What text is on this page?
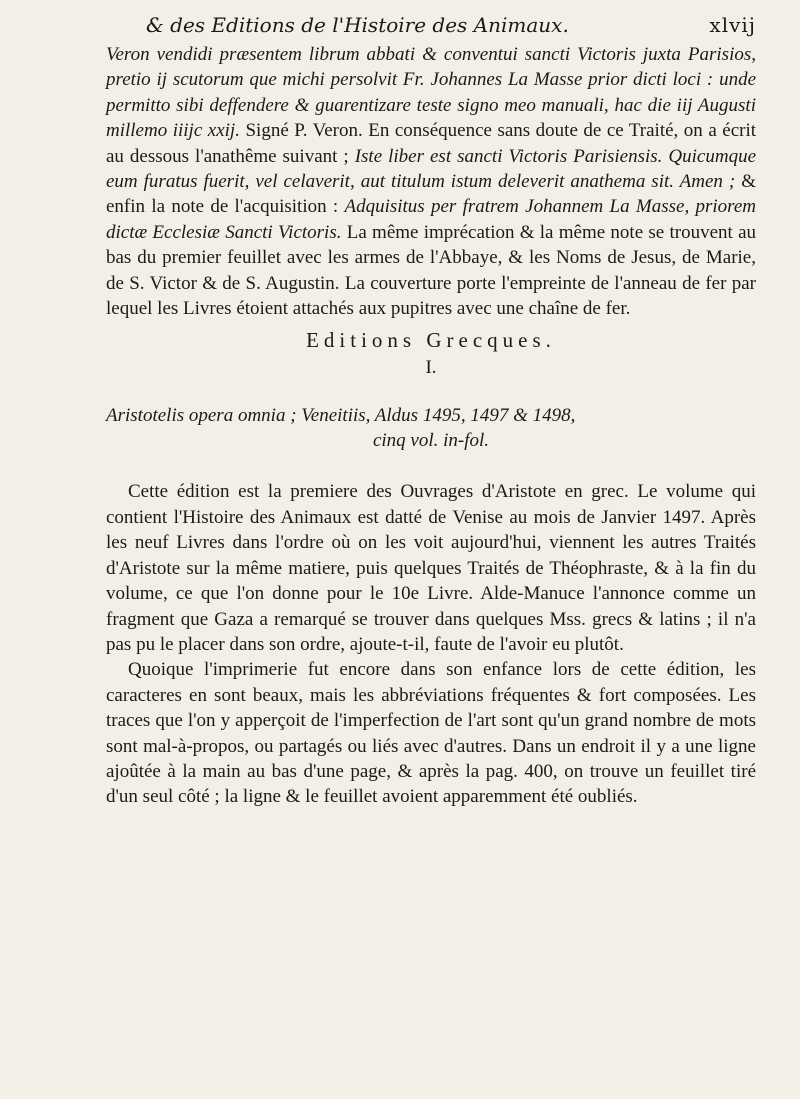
& des Editions de l'Histoire des Animaux.	xlvij

Veron vendidi præsentem librum abbati & conventui sancti Victoris juxta Parisios, pretio ij scutorum que michi persolvit Fr. Johannes La Masse prior dicti loci : unde permitto sibi deffendere & guarentizare teste signo meo manuali, hac die iij Augusti millemo iiijc xxij. Signé P. Veron. En conséquence sans doute de ce Traité, on a écrit au dessous l'anathême suivant ; Iste liber est sancti Victoris Parisiensis. Quicumque eum furatus fuerit, vel celaverit, aut titulum istum deleverit anathema sit. Amen ; & enfin la note de l'acquisition : Adquisitus per fratrem Johannem La Masse, priorem dictæ Ecclesiæ Sancti Victoris. La même imprécation & la même note se trouvent au bas du premier feuillet avec les armes de l'Abbaye, & les Noms de Jesus, de Marie, de S. Victor & de S. Augustin. La couverture porte l'empreinte de l'anneau de fer par lequel les Livres étoient attachés aux pupitres avec une chaîne de fer.

Editions Grecques.
I.
Aristotelis opera omnia ; Veneitiis, Aldus 1495, 1497 & 1498,
cinq vol. in-fol.

Cette édition est la premiere des Ouvrages d'Aristote en grec. Le volume qui contient l'Histoire des Animaux est datté de Venise au mois de Janvier 1497. Après les neuf Livres dans l'ordre où on les voit aujourd'hui, viennent les autres Traités d'Aristote sur la même matiere, puis quelques Traités de Théophraste, & à la fin du volume, ce que l'on donne pour le 10e Livre. Alde-Manuce l'annonce comme un fragment que Gaza a remarqué se trouver dans quelques Mss. grecs & latins ; il n'a pas pu le placer dans son ordre, ajoute-t-il, faute de l'avoir eu plutôt.

Quoique l'imprimerie fut encore dans son enfance lors de cette édition, les caracteres en sont beaux, mais les abbréviations fréquentes & fort composées. Les traces que l'on y apperçoit de l'imperfection de l'art sont qu'un grand nombre de mots sont mal-à-propos, ou partagés ou liés avec d'autres. Dans un endroit il y a une ligne ajoûtée à la main au bas d'une page, & après la pag. 400, on trouve un feuillet tiré d'un seul côté ; la ligne & le feuillet avoient apparemment été oubliés.
